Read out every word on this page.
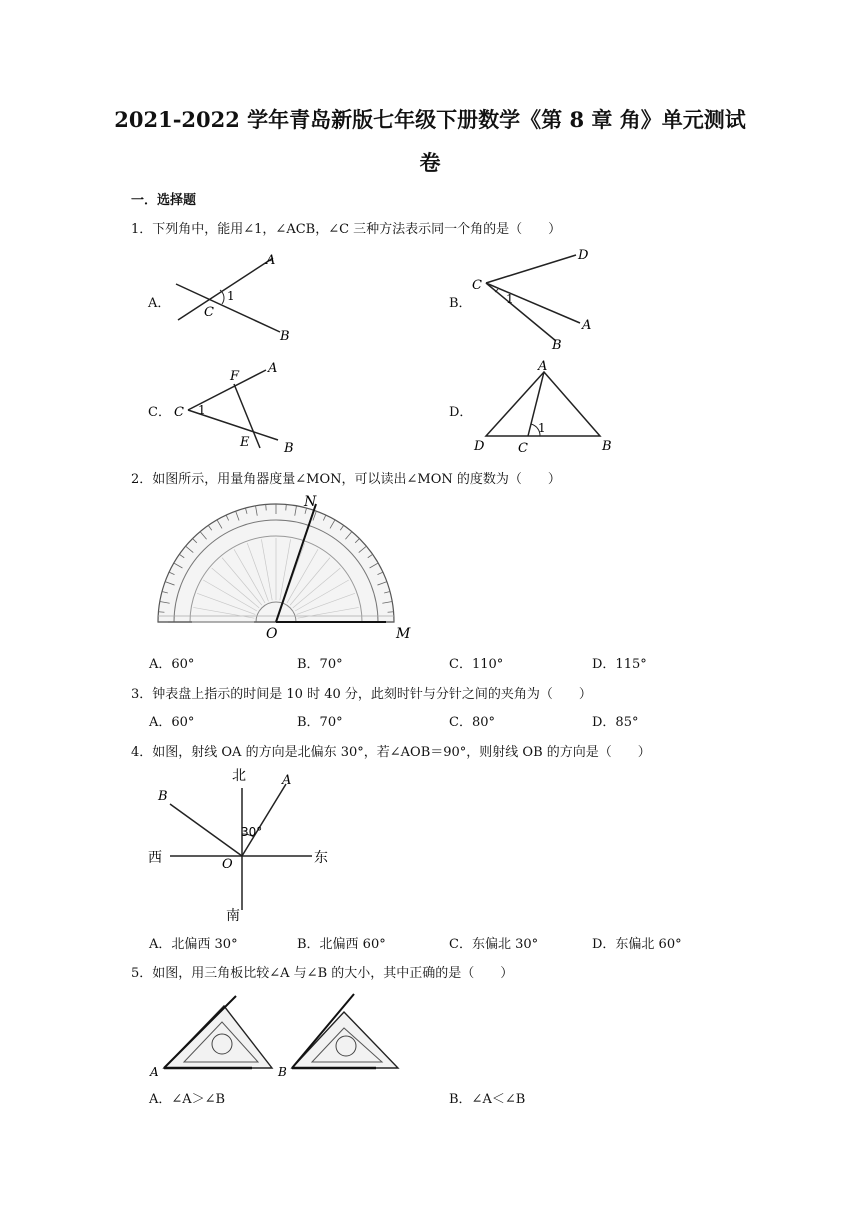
2021-2022 学年青岛新版七年级下册数学《第 8 章 角》单元测试
卷
一．选择题
1．下列角中，能用∠1，∠ACB，∠C 三种方法表示同一个角的是（　　）
A．
A
C
1
B
B．
D
C
1
A
B
C．
F
A
C 1
E	B
D．
A
1
D	C	B
2．如图所示，用量角器度量∠MON，可以读出∠MON 的度数为（　　）
N
O	M
A．60°	B．70°	C．110°	D．115°
3．钟表盘上指示的时间是 10 时 40 分，此刻时针与分针之间的夹角为（　　）
A．60°	B．70°	C．80°	D．85°
4．如图，射线 OA 的方向是北偏东 30°，若∠AOB＝90°，则射线 OB 的方向是（　　）
北
南
西	东
A
B
O
30°
A．北偏西 30°	B．北偏西 60°	C．东偏北 30°	D．东偏北 60°
5．如图，用三角板比较∠A 与∠B 的大小，其中正确的是（　　）
A	B
A．∠A＞∠B	B．∠A＜∠B
